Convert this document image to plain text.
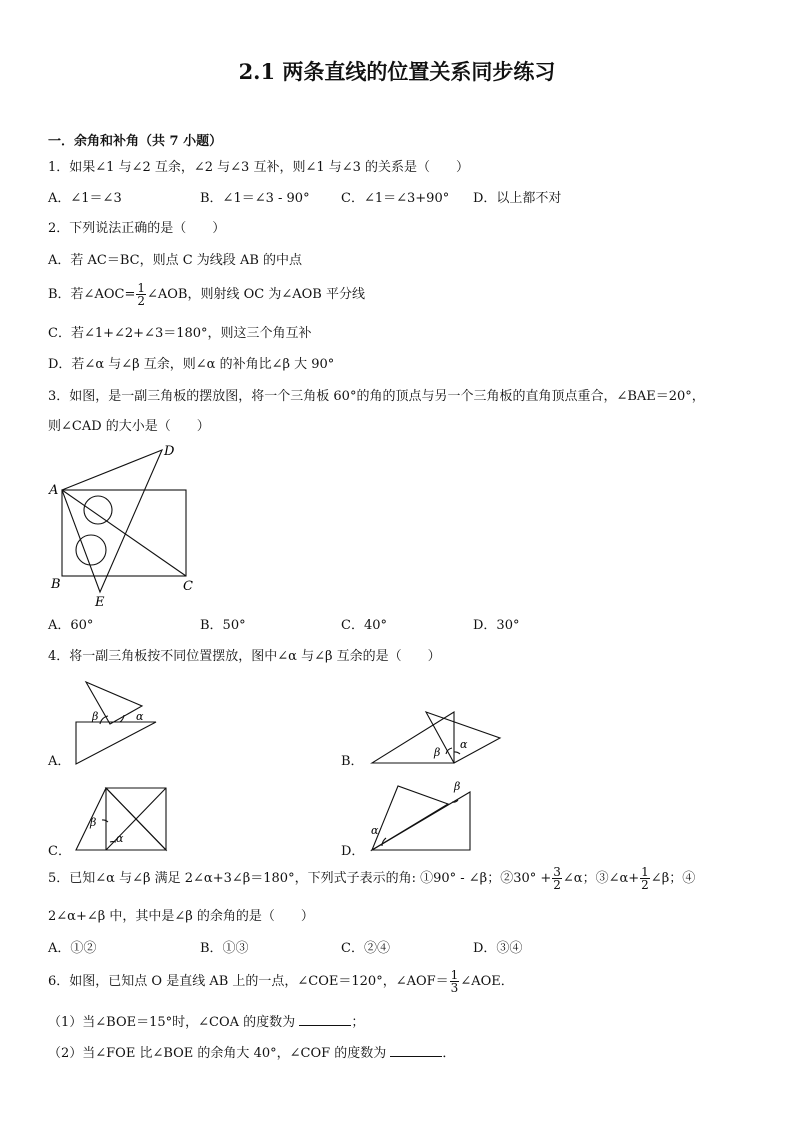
2.1 两条直线的位置关系同步练习
一．余角和补角（共 7 小题）
1．如果∠1 与∠2 互余，∠2 与∠3 互补，则∠1 与∠3 的关系是（　　）
A．∠1＝∠3	B．∠1＝∠3 - 90° C．∠1＝∠3+90° D．以上都不对
2．下列说法正确的是（　　）
A．若 AC＝BC，则点 C 为线段 AB 的中点
B．若∠AOC= $\frac{1}{2}$ ∠AOB，则射线 OC 为∠AOB 平分线
C．若∠1+∠2+∠3＝180°，则这三个角互补
D．若∠α 与∠β 互余，则∠α 的补角比∠β 大 90°
3．如图，是一副三角板的摆放图，将一个三角板 60°的角的顶点与另一个三角板的直角顶点重合，∠BAE＝20°，
则∠CAD 的大小是（　　）
A
B	C
D
E
A．60°	B．50°	C．40°	D．30°
4．将一副三角板按不同位置摆放，图中∠α 与∠β 互余的是（　　）
A．
β	α
B．
β
α
C．
β
α
D．
α
β
5．已知∠α 与∠β 满足 2∠α+3∠β＝180°，下列式子表示的角: ①90° - ∠β；②30° + $\frac{3}{2}$ ∠α；③∠α+ $\frac{1}{2}$ ∠β；④
2∠α+∠β 中，其中是∠β 的余角的是（　　）
A．①②	B．①③	C．②④	D．③④
6．如图，已知点 O 是直线 AB 上的一点，∠COE＝120°，∠AOF＝ $\frac{1}{3}$ ∠AOE．
（1）当∠BOE＝15°时，∠COA 的度数为	；
（2）当∠FOE 比∠BOE 的余角大 40°，∠COF 的度数为	．
